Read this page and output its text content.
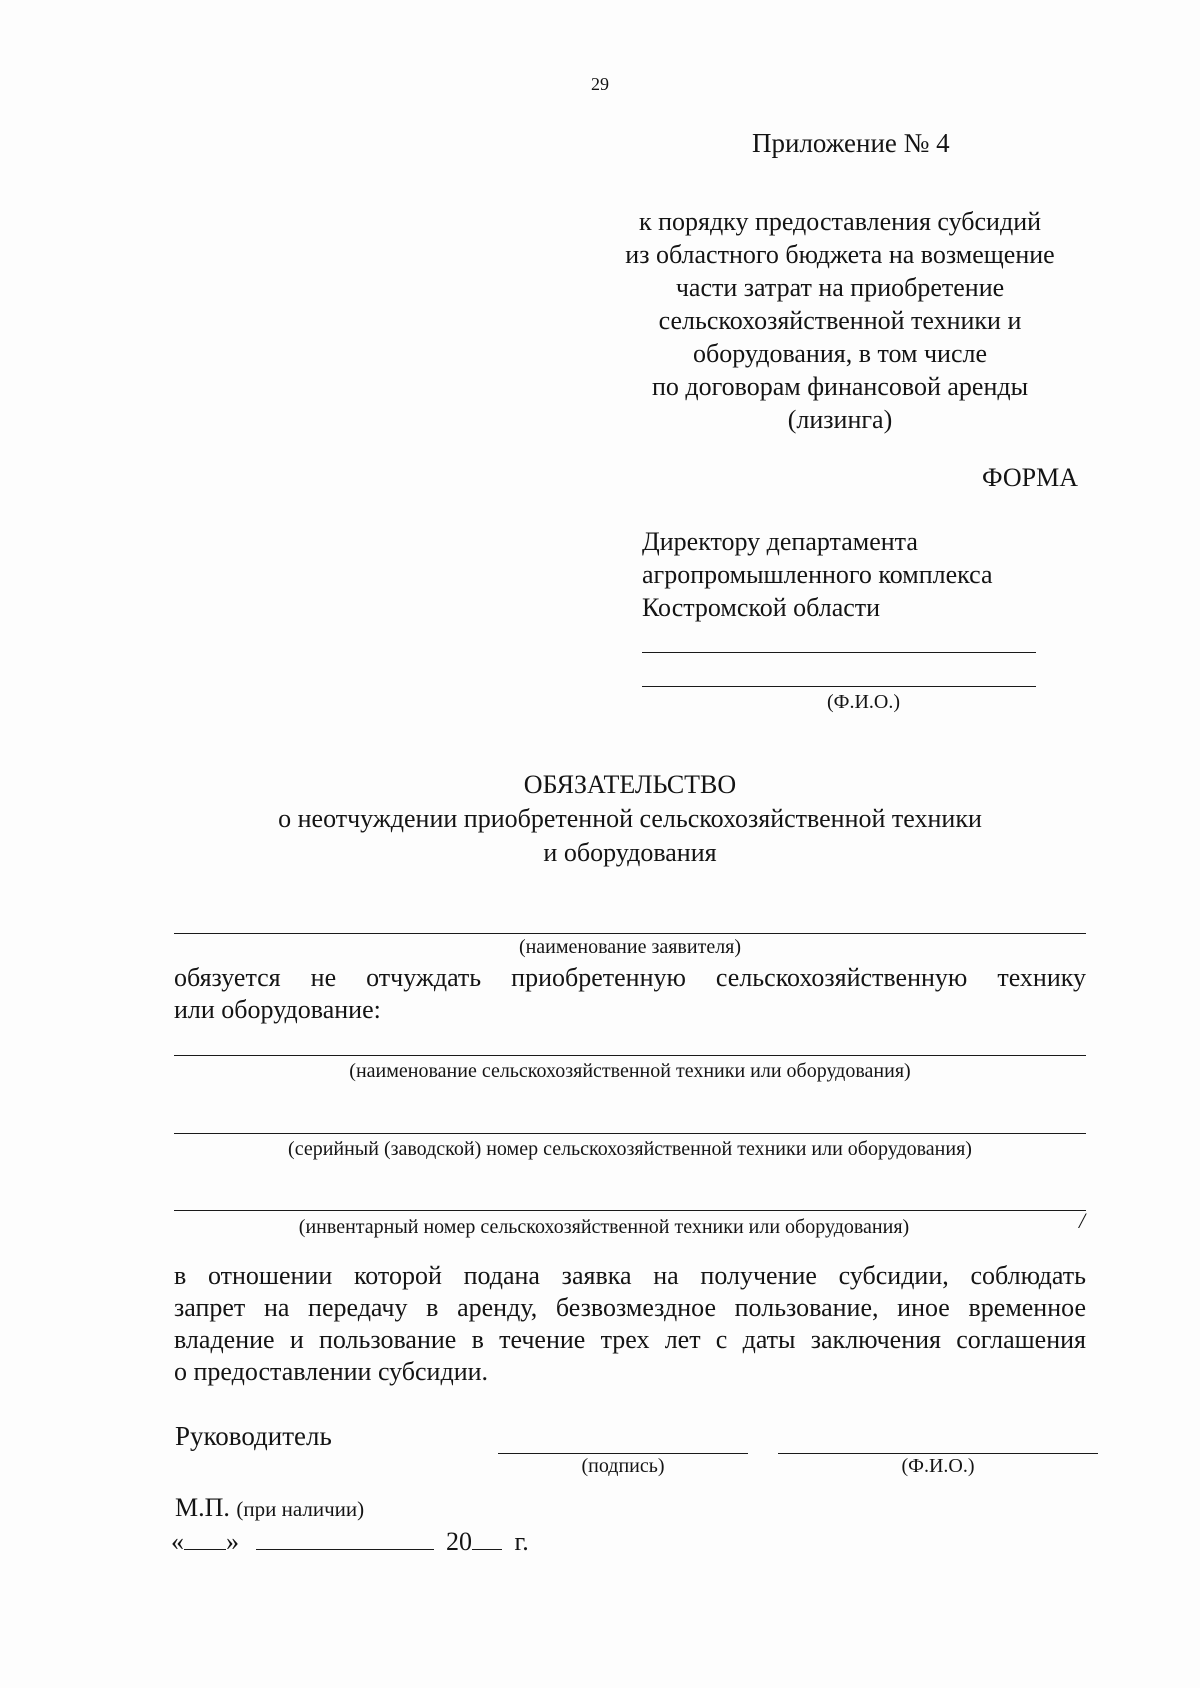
29
Приложение № 4
к порядку предоставления субсидий
из областного бюджета на возмещение
части затрат на приобретение
сельскохозяйственной техники и
оборудования, в том числе
по договорам финансовой аренды
(лизинга)
ФОРМА
Директору департамента
агропромышленного комплекса
Костромской области
(Ф.И.О.)
ОБЯЗАТЕЛЬСТВО
о неотчуждении приобретенной сельскохозяйственной техники
и оборудования
(наименование заявителя)
обязуется не отчуждать приобретенную сельскохозяйственную технику
или оборудование:
(наименование сельскохозяйственной техники или оборудования)
(серийный (заводской) номер сельскохозяйственной техники или оборудования)
(инвентарный номер сельскохозяйственной техники или оборудования)	/
в отношении которой подана заявка на получение субсидии, соблюдать
запрет на передачу в аренду, безвозмездное пользование, иное временное
владение и пользование в течение трех лет с даты заключения соглашения
о предоставлении субсидии.
Руководитель
(подпись)	(Ф.И.О.)
М.П. (при наличии)
« »	20 г.
